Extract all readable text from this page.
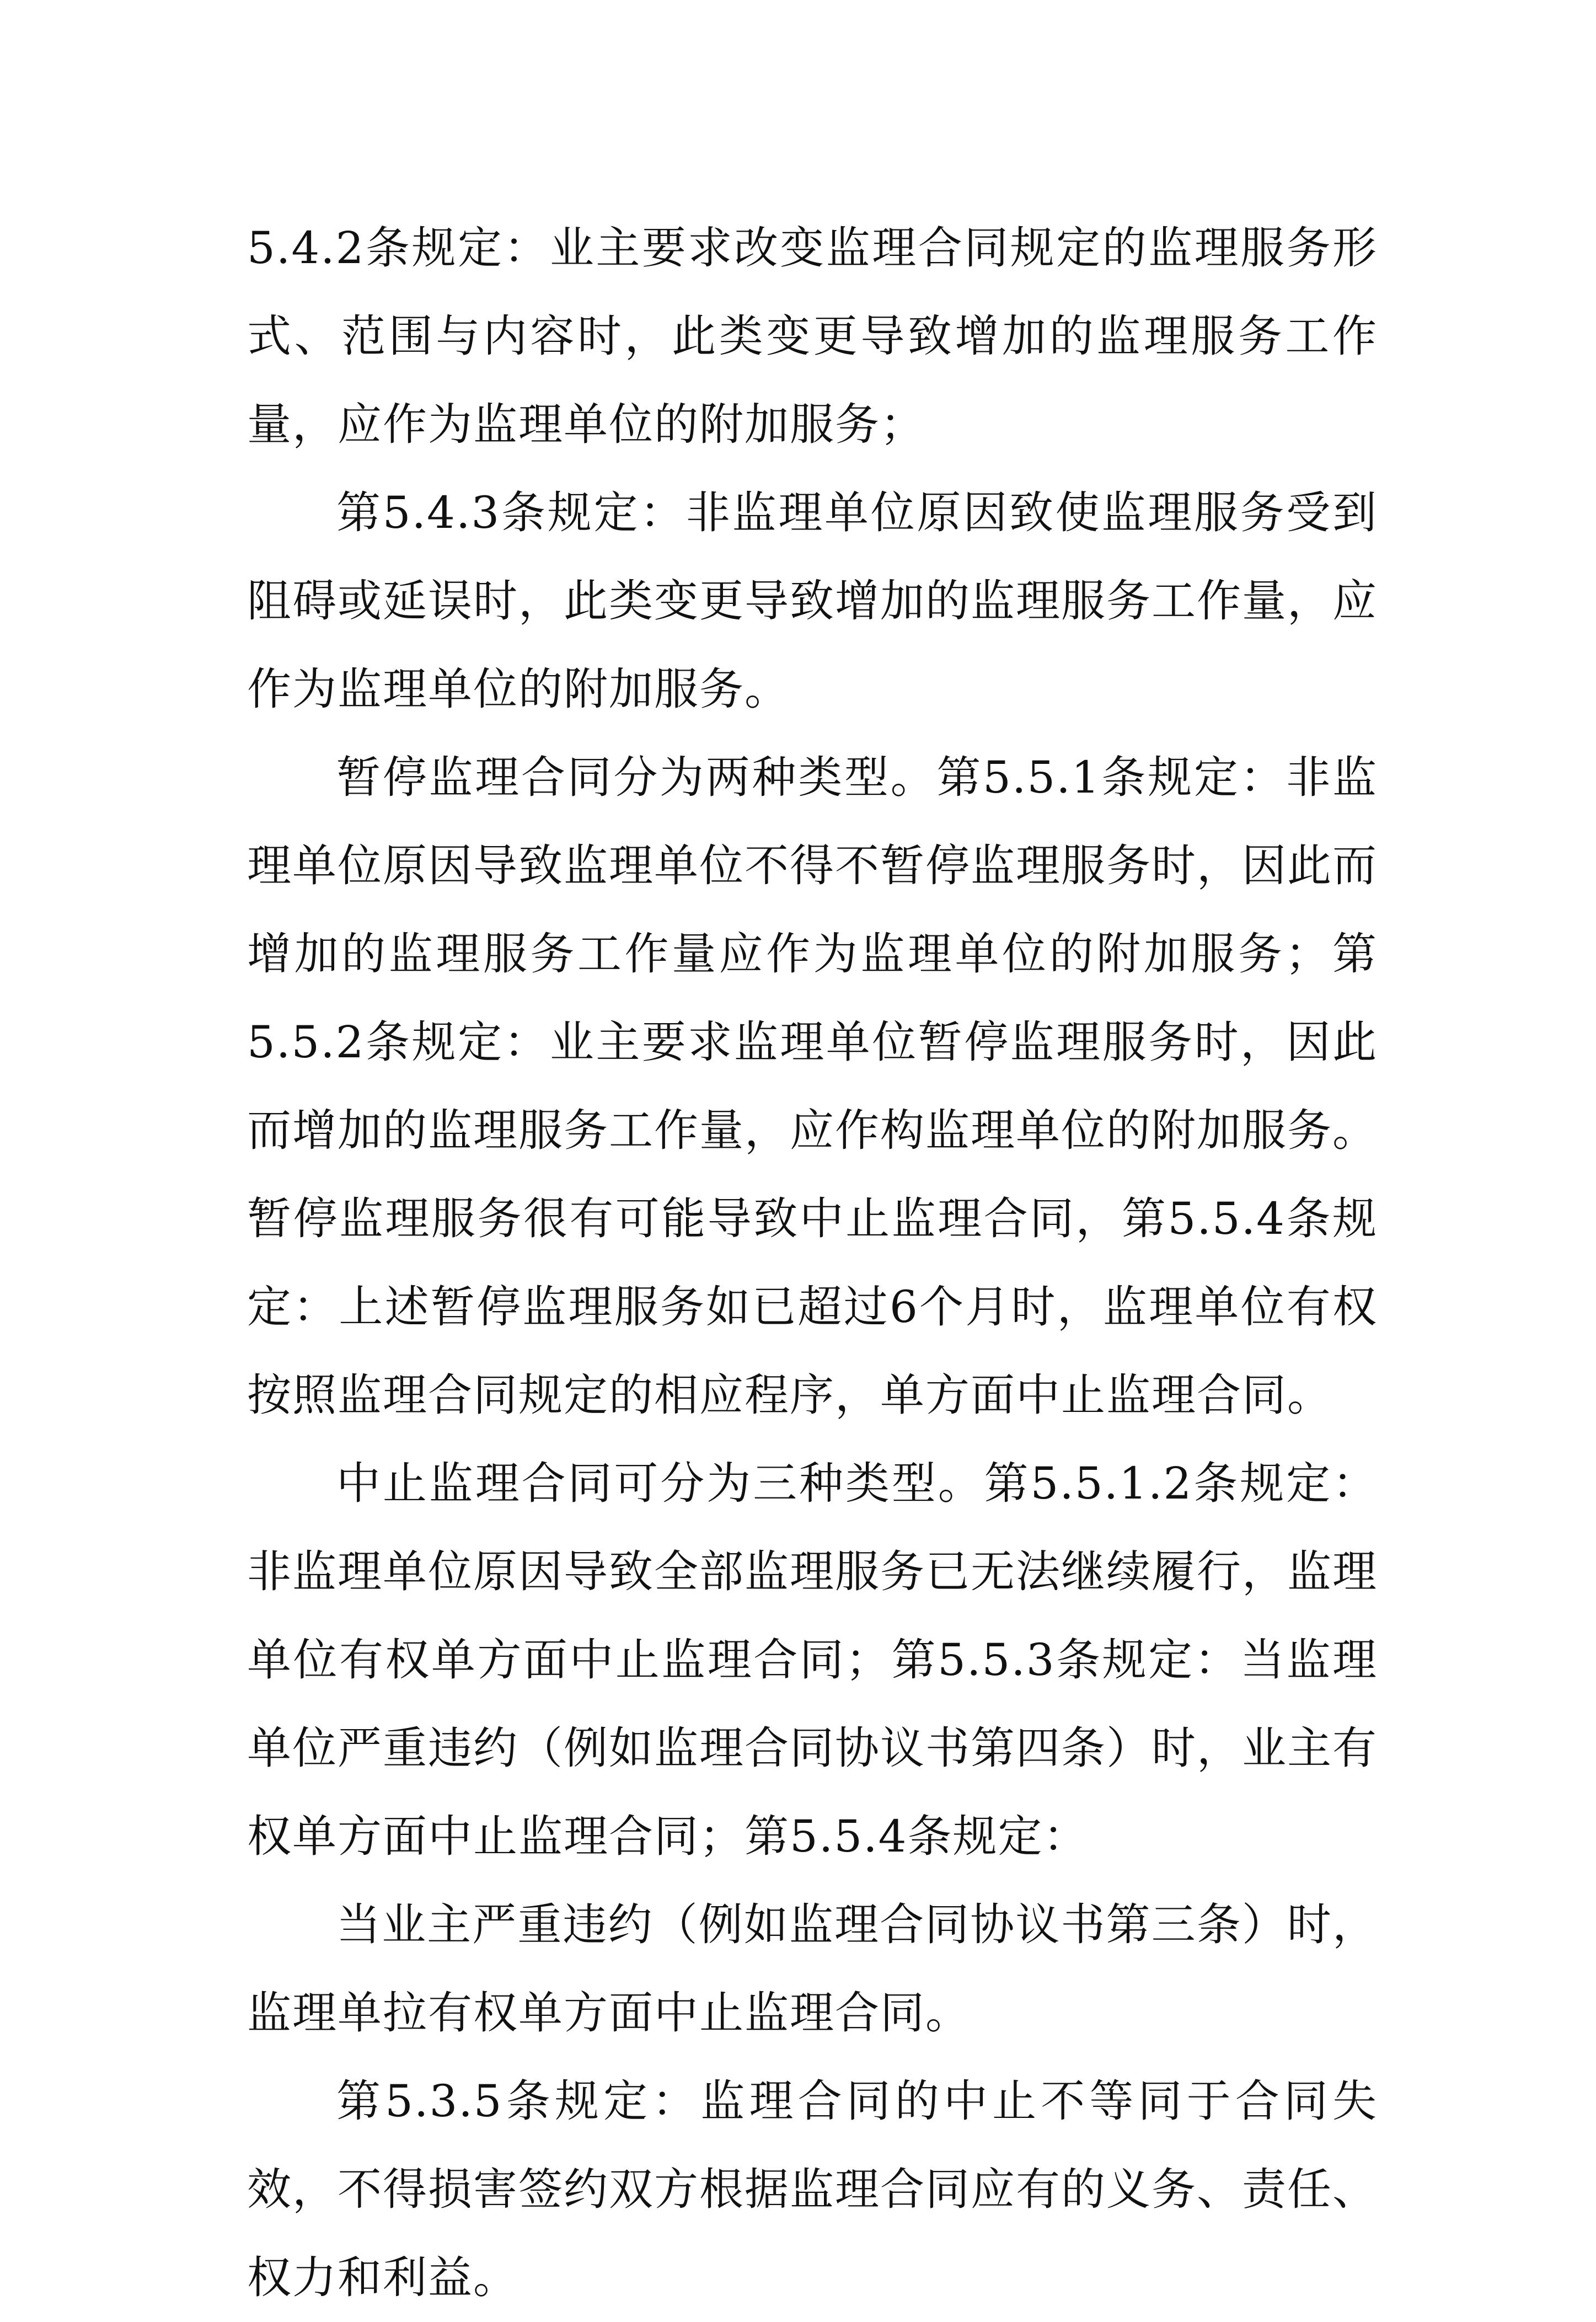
5.4.2条规定：业主要求改变监理合同规定的监理服务形式、范围与内容时，此类变更导致增加的监理服务工作量，应作为监理单位的附加服务；

第5.4.3条规定：非监理单位原因致使监理服务受到阻碍或延误时，此类变更导致增加的监理服务工作量，应作为监理单位的附加服务。

暂停监理合同分为两种类型。第5.5.1条规定：非监理单位原因导致监理单位不得不暂停监理服务时，因此而增加的监理服务工作量应作为监理单位的附加服务；第5.5.2条规定：业主要求监理单位暂停监理服务时，因此而增加的监理服务工作量，应作构监理单位的附加服务。暂停监理服务很有可能导致中止监理合同，第5.5.4条规定：上述暂停监理服务如已超过6个月时，监理单位有权按照监理合同规定的相应程序，单方面中止监理合同。

中止监理合同可分为三种类型。第5.5.1.2条规定：非监理单位原因导致全部监理服务已无法继续履行，监理单位有权单方面中止监理合同；第5.5.3条规定：当监理单位严重违约（例如监理合同协议书第四条）时，业主有权单方面中止监理合同；第5.5.4条规定：

当业主严重违约（例如监理合同协议书第三条）时，监理单拉有权单方面中止监理合同。

第5.3.5条规定：监理合同的中止不等同于合同失效，不得损害签约双方根据监理合同应有的义务、责任、权力和利益。
